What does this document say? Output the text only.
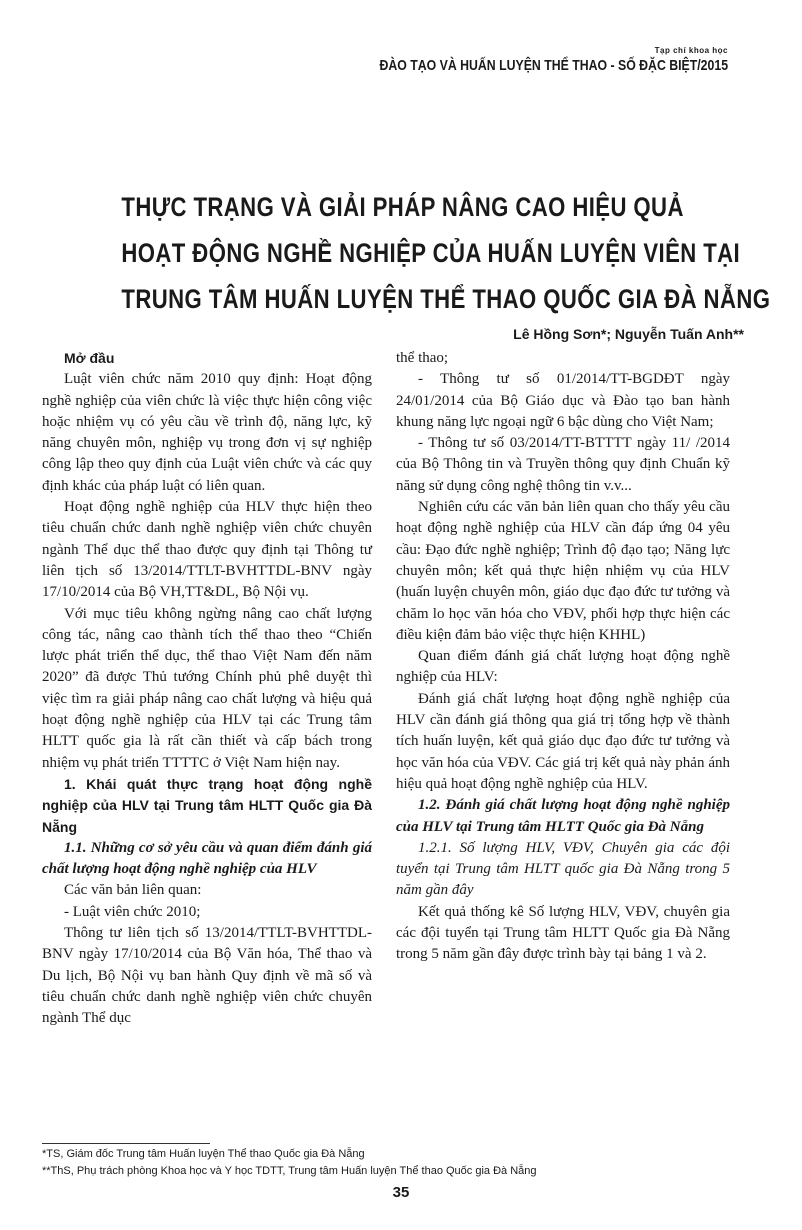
Tạp chí khoa học
ĐÀO TẠO VÀ HUẤN LUYỆN THỂ THAO - SỐ ĐẶC BIỆT/2015
THỰC TRẠNG VÀ GIẢI PHÁP NÂNG CAO HIỆU QUẢ
HOẠT ĐỘNG NGHỀ NGHIỆP CỦA HUẤN LUYỆN VIÊN TẠI
TRUNG TÂM HUẤN LUYỆN THỂ THAO QUỐC GIA ĐÀ NẴNG
Lê Hồng Sơn*; Nguyễn Tuấn Anh**

Mở đầu

Luật viên chức năm 2010 quy định: Hoạt động nghề nghiệp của viên chức là việc thực hiện công việc hoặc nhiệm vụ có yêu cầu về trình độ, năng lực, kỹ năng chuyên môn, nghiệp vụ trong đơn vị sự nghiệp công lập theo quy định của Luật viên chức và các quy định khác của pháp luật có liên quan.

Hoạt động nghề nghiệp của HLV thực hiện theo tiêu chuẩn chức danh nghề nghiệp viên chức chuyên ngành Thể dục thể thao được quy định tại Thông tư liên tịch số 13/2014/TTLT-BVHTTDL-BNV ngày 17/10/2014 của Bộ VH,TT&DL, Bộ Nội vụ.

Với mục tiêu không ngừng nâng cao chất lượng công tác, nâng cao thành tích thể thao theo “Chiến lược phát triển thể dục, thể thao Việt Nam đến năm 2020” đã được Thủ tướng Chính phủ phê duyệt thì việc tìm ra giải pháp nâng cao chất lượng và hiệu quả hoạt động nghề nghiệp của HLV tại các Trung tâm HLTT quốc gia là rất cần thiết và cấp bách trong nhiệm vụ phát triển TTTTC ở Việt Nam hiện nay.

1. Khái quát thực trạng hoạt động nghề nghiệp của HLV tại Trung tâm HLTT Quốc gia Đà Nẵng

1.1. Những cơ sở yêu cầu và quan điểm đánh giá chất lượng hoạt động nghề nghiệp của HLV

Các văn bản liên quan:

- Luật viên chức 2010;

Thông tư liên tịch số 13/2014/TTLT-BVHTTDL-BNV ngày 17/10/2014 của Bộ Văn hóa, Thể thao và Du lịch, Bộ Nội vụ ban hành Quy định về mã số và tiêu chuẩn chức danh nghề nghiệp viên chức chuyên ngành Thể dục

thể thao;

- Thông tư số 01/2014/TT-BGDĐT ngày 24/01/2014 của Bộ Giáo dục và Đào tạo ban hành khung năng lực ngoại ngữ 6 bậc dùng cho Việt Nam;

- Thông tư số 03/2014/TT-BTTTT ngày 11/ /2014 của Bộ Thông tin và Truyền thông quy định Chuẩn kỹ năng sử dụng công nghệ thông tin v.v...

Nghiên cứu các văn bản liên quan cho thấy yêu cầu hoạt động nghề nghiệp của HLV cần đáp ứng 04 yêu cầu: Đạo đức nghề nghiệp; Trình độ đạo tạo; Năng lực chuyên môn; kết quả thực hiện nhiệm vụ của HLV (huấn luyện chuyên môn, giáo dục đạo đức tư tưởng và chăm lo học văn hóa cho VĐV, phối hợp thực hiện các điều kiện đảm bảo việc thực hiện KHHL)

Quan điểm đánh giá chất lượng hoạt động nghề nghiệp của HLV:

Đánh giá chất lượng hoạt động nghề nghiệp của HLV cần đánh giá thông qua giá trị tổng hợp về thành tích huấn luyện, kết quả giáo dục đạo đức tư tưởng và học văn hóa của VĐV. Các giá trị kết quả này phản ánh hiệu quả hoạt động nghề nghiệp của HLV.

1.2. Đánh giá chất lượng hoạt động nghề nghiệp của HLV tại Trung tâm HLTT Quốc gia Đà Nẵng

1.2.1. Số lượng HLV, VĐV, Chuyên gia các đội tuyển tại Trung tâm HLTT quốc gia Đà Nẵng trong 5 năm gần đây

Kết quả thống kê Số lượng HLV, VĐV, chuyên gia các đội tuyển tại Trung tâm HLTT Quốc gia Đà Nẵng trong 5 năm gần đây được trình bày tại bảng 1 và 2.

*TS, Giám đốc Trung tâm Huấn luyện Thể thao Quốc gia Đà Nẵng
**ThS, Phụ trách phòng Khoa học và Y học TDTT, Trung tâm Huấn luyện Thể thao Quốc gia Đà Nẵng
35
